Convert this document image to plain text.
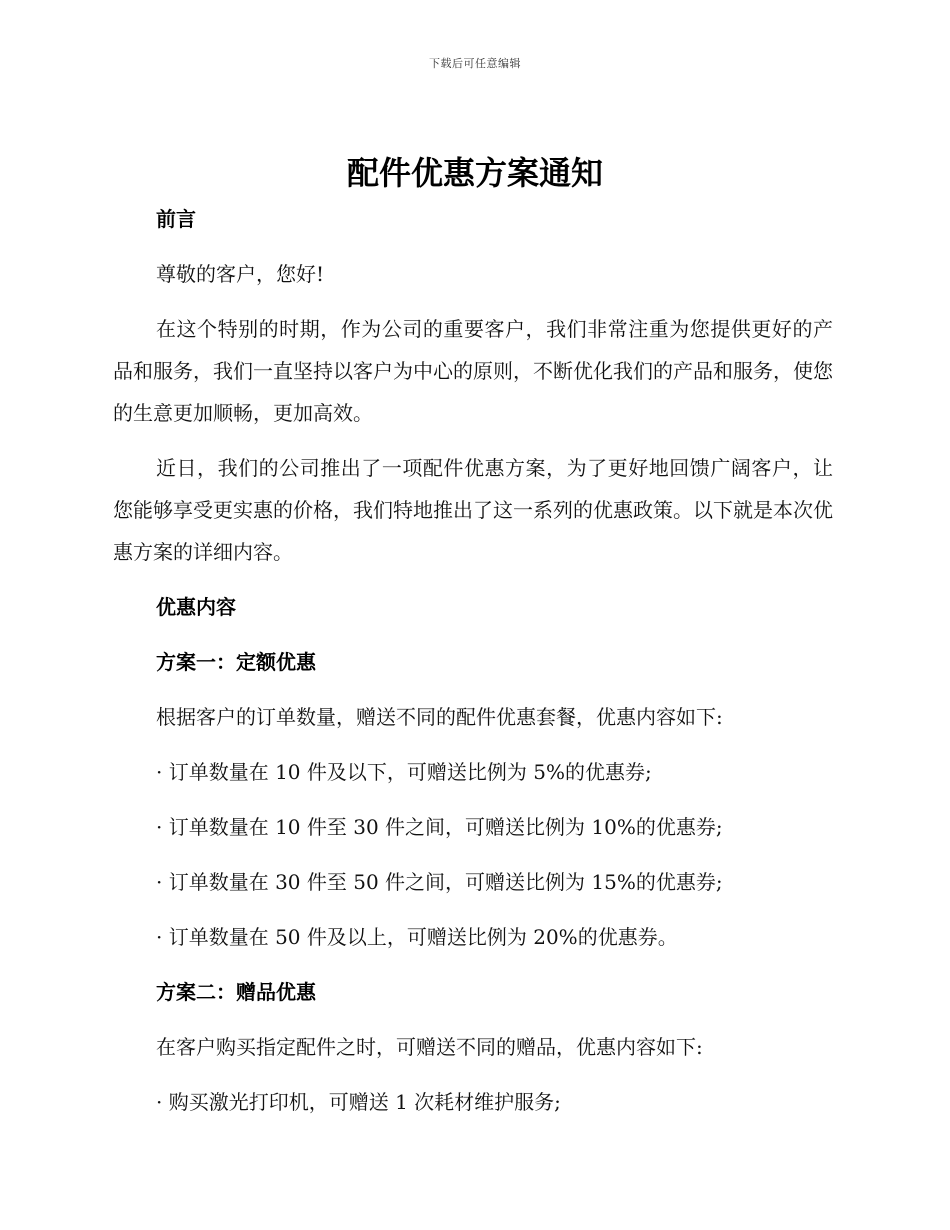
下载后可任意编辑
配件优惠方案通知
前言
尊敬的客户，您好!
在这个特别的时期，作为公司的重要客户，我们非常注重为您提供更好的产品和服务，我们一直坚持以客户为中心的原则，不断优化我们的产品和服务，使您的生意更加顺畅，更加高效。
近日，我们的公司推出了一项配件优惠方案，为了更好地回馈广阔客户，让您能够享受更实惠的价格，我们特地推出了这一系列的优惠政策。以下就是本次优惠方案的详细内容。
优惠内容
方案一：定额优惠
根据客户的订单数量，赠送不同的配件优惠套餐，优惠内容如下:
· 订单数量在 10 件及以下，可赠送比例为 5%的优惠券;
· 订单数量在 10 件至 30 件之间，可赠送比例为 10%的优惠券;
· 订单数量在 30 件至 50 件之间，可赠送比例为 15%的优惠券;
· 订单数量在 50 件及以上，可赠送比例为 20%的优惠券。
方案二：赠品优惠
在客户购买指定配件之时，可赠送不同的赠品，优惠内容如下:
· 购买激光打印机，可赠送 1 次耗材维护服务;
